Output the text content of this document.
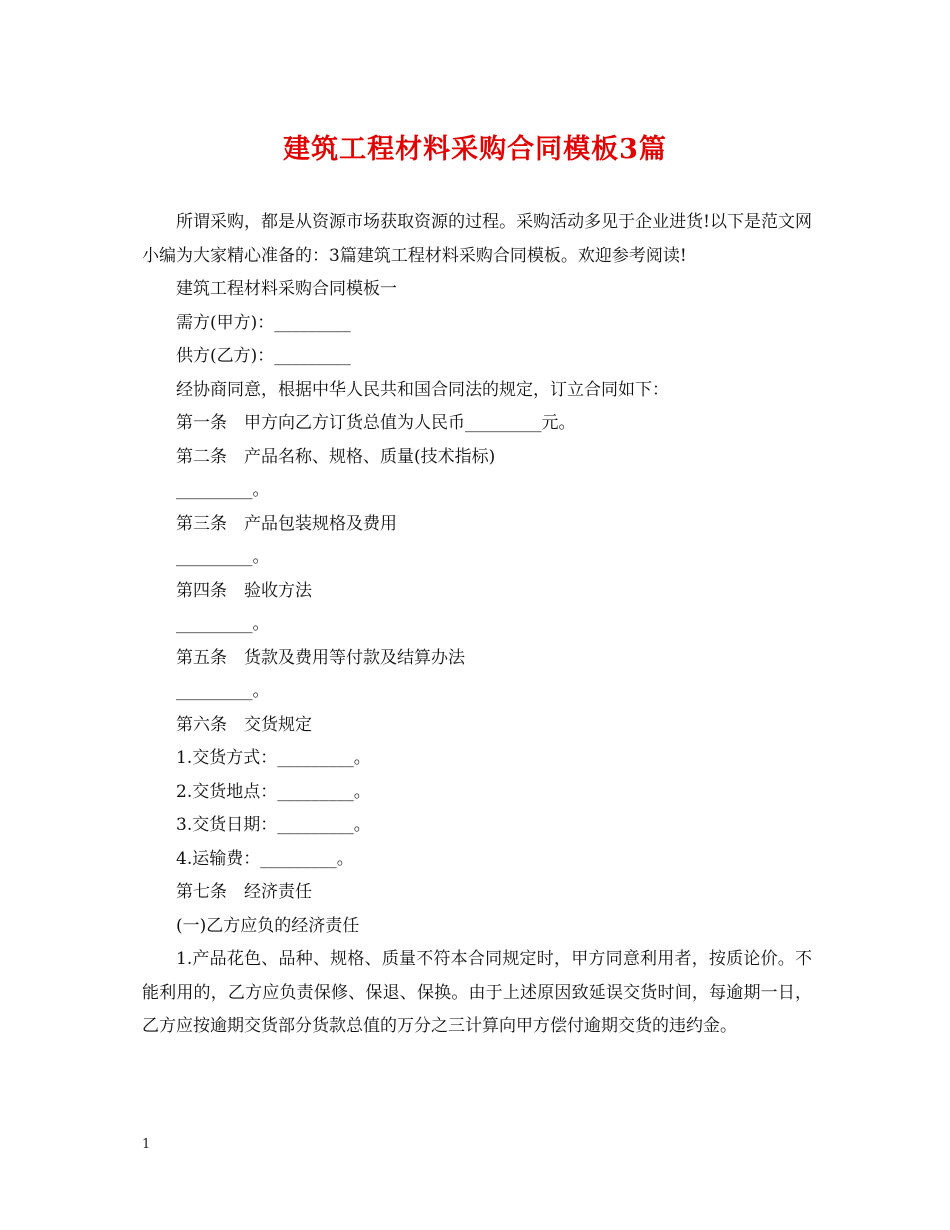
建筑工程材料采购合同模板3篇

所谓采购，都是从资源市场获取资源的过程。采购活动多见于企业进货!以下是范文网小编为大家精心准备的：3篇建筑工程材料采购合同模板。欢迎参考阅读!

建筑工程材料采购合同模板一

需方(甲方)：_________

供方(乙方)：_________

经协商同意，根据中华人民共和国合同法的规定，订立合同如下：

第一条　甲方向乙方订货总值为人民币_________元。

第二条　产品名称、规格、质量(技术指标)

_________。

第三条　产品包装规格及费用

_________。

第四条　验收方法

_________。

第五条　货款及费用等付款及结算办法

_________。

第六条　交货规定

1.交货方式：_________。

2.交货地点：_________。

3.交货日期：_________。

4.运输费：_________。

第七条　经济责任

(一)乙方应负的经济责任

1.产品花色、品种、规格、质量不符本合同规定时，甲方同意利用者，按质论价。不能利用的，乙方应负责保修、保退、保换。由于上述原因致延误交货时间，每逾期一日，乙方应按逾期交货部分货款总值的万分之三计算向甲方偿付逾期交货的违约金。

1
